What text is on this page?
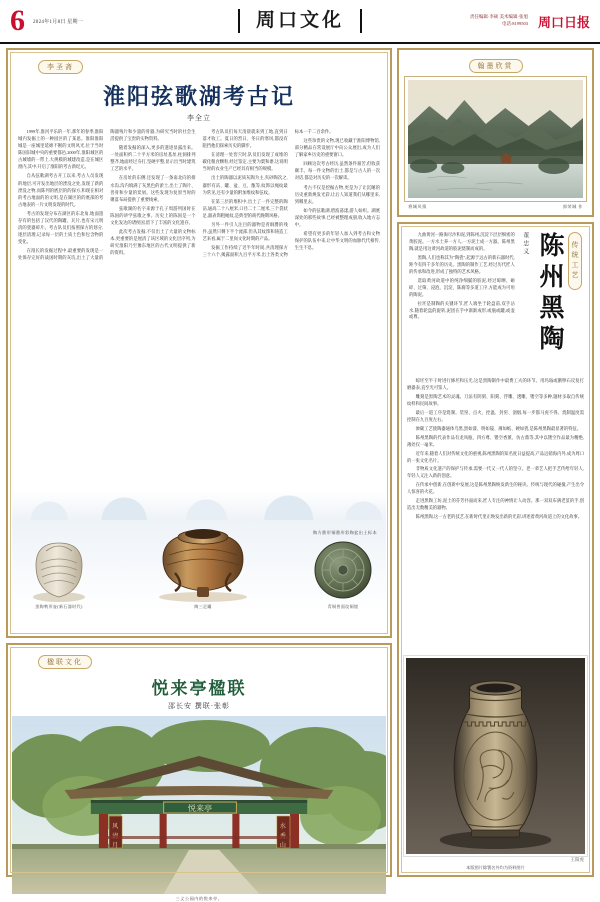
6 2024年1月8日 星期一	周口文化	责任编辑·李硕 美术编辑·张旭
电话:8199503 周口日报
李圣斋
淮阳弦歌湖考古记
李全立

1999年,淮河平乐的一年,那年的春季,淮阳城内发掘上的一种园区的了某思。淮阳淮阳城是一座城里延绵不断的文明风光,位于当时陈国旧城中央的重要都邑,2000年,淮阳城区的古城墙的一带上,大规模的城建改造,是在城区窗内,其中,开启了淮阳的考古新纪元。

自从弦歌湖考古开工以来,考古人员发现的地层,可开发出地层的湮没之处,发现了新的湮没之物,而陈列的底层的的探方,和现在相对的考古地面的的文明,是在湖区的的底部的考古地表的一片文明发现的时代。

考古的发现分布在湖区的东北角,地面遗存有的包括了汉代的陶罐、瓦片,也有宋元明清的瓷器碎片。考古队员们按照探方的划分,逐层清理,记录每一层的土质土色和包含物的变化。

在漫长的发掘过程中,最重要的发现是一处保存完好的战国时期的灰坑,出土了大量的陶器残片和少量的骨器,为研究当时的社会生活提供了宝贵的实物资料。

随着发掘的深入,更多的遗迹显露出来。一处面积约二十平方米的房址基址,柱洞排列整齐,地面经过夯打,坚硬平整,显示出当时建筑工艺的水平。

在房址的东侧,还发现了一条南北向的排水沟,沟内填满了灰黑色的淤土,出土了陶片、兽骨和少量的炭屑。这些发现为复原当时的聚落布局提供了重要线索。

弦歌湖的名字来源于孔子周游列国时在陈国的讲学弦歌之事。历史上的陈国是一个文化发达的诸侯国,留下了丰富的文化遗存。

此次考古发掘,不仅出土了大量的文物标本,更重要的是厘清了该区域的文化层序列,为研究淮阳乃至豫东地区的古代文明提供了新的资料。

考古队员们每天清晨就来到工地,直到日落才收工。夏日的烈日、冬日的寒风,都没有阻挡他们探索历史的脚步。

在清理一处窖穴时,队员们发现了成堆的碳化粮食颗粒,经过鉴定,主要为粟和黍,这说明当时的农业生产已经具有相当的规模。

出土的陶器以泥质灰陶为主,夹砂陶次之,器形有鬲、罐、盆、豆、甑等,纹饰以绳纹最为常见,还有少量的附加堆纹和弦纹。

在第三层的堆积中,出土了一件完整的陶鬲,通高二十八厘米,口径二十二厘米,三个袋状足,器表饰粗绳纹,是典型的商代晚期风格。

另外一件引人注目的器物是青铜爵的残件,虽然只剩下半个流部,但从其纹饰和铸造工艺来看,属于二里岗文化时期的产品。

发掘工作持续了近半年时间,共清理探方三十六个,揭露面积九百平方米,出土各类文物标本一千二百余件。

这些珍贵的文物,现已收藏于淮阳博物馆,部分精品在常设展厅中向公众展出,成为人们了解家乡历史的重要窗口。

回顾这次考古经历,虽然条件艰苦,但收获颇丰。每一件文物的出土,都是与古人的一次对话,都是对历史的一次解读。

考古不仅是挖掘古物,更是为了让沉睡的历史重新焕发光彩,让后人知道我们从哪里来,到哪里去。

如今的弦歌湖,碧波荡漾,游人如织。湖底深处的那些故事,已经被整理成册,收入地方志中。

希望有更多的年轻人加入到考古和文物保护的队伍中来,让中华文明的血脉代代相传,生生不息。

陶方鼎形铜鼎形彩陶盆出土标本
黑陶鸭形壶(新石器时代)	陶三足罐	青铜兽面纹铜镜
楹联文化
悦来亭楹联
邵长安 撰联·张彰
悦来亭
风
月
水
山
三义公园内的悦来亭。
翰墨欣赏
将城风情	郭荣城 作

九曲黄河一路淘尽沙和泥,到陈州,沉淀下层层细密的黄胶泥。一方水土养一方人,一方泥土成一方器。陈州黑陶,就是用这黄河故道的胶泥烧制而成的。

黑陶,人们也称其为"陶瓷",起源于远古的新石器时代,距今有四千多年的历史。黑陶的制作工艺,经过历代匠人的传承和改进,形成了独特的艺术风格。

选取黄河故道中的纯净细腻的胶泥,经过晾晒、砸碎、过筛、浸泡、沉淀、陈腐等多道工序,方能成为可用的陶泥。

拉坯是制陶的关键环节,匠人端坐于轮盘前,双手沾水,随着轮盘的旋转,泥团在手中渐渐成形,或瓶或罐,或壶或尊。

董忠义 陈州黑陶	传统工艺

晾坯至半干时进行修坯和压光,这是黑陶制作中最费工夫的环节。用玛瑙或鹅卵石反复打磨器表,直至光可鉴人。

雕刻是黑陶艺术的灵魂。刀法有阴刻、阳刻、浮雕、透雕、镂空等多种,题材多取自传统纹样和民间故事。

最后一道工序是烧制。装窑、点火、控温、封窑、洇烟,每一步都马虎不得。烧制温度需控制在九百度左右。

渗碳工艺使陶器通体乌黑,黑如漆、明如镜、薄如纸、硬如瓷,是陈州黑陶最显著的特征。

陈州黑陶的代表作品有龙凤瓶、四方尊、镂空香薰、仿古鼎等,其中以镂空作品最为精绝,薄处仅一毫米。

近年来,随着人们对传统文化的重视,陈州黑陶的知名度日益提高,产品远销海内外,成为周口的一张文化名片。

非物质文化遗产的保护与传承,需要一代又一代人的坚守。老一辈艺人把手艺传给年轻人,年轻人又注入新的创意。

在传承中创新,在创新中发展,这是陈州黑陶焕发新生的秘诀。传统与现代的碰撞,产生出令人惊喜的火花。

走进黑陶工坊,泥土的芬芳扑面而来,匠人专注的神情让人动容。那一双双布满老茧的手,创造出无数精美的器物。

陈州黑陶,这一古老的技艺,在新时代里正焕发出新的光彩,讲述着黄河故道上的文化故事。

王阳虎
本版图片除署名外均为资料图片
